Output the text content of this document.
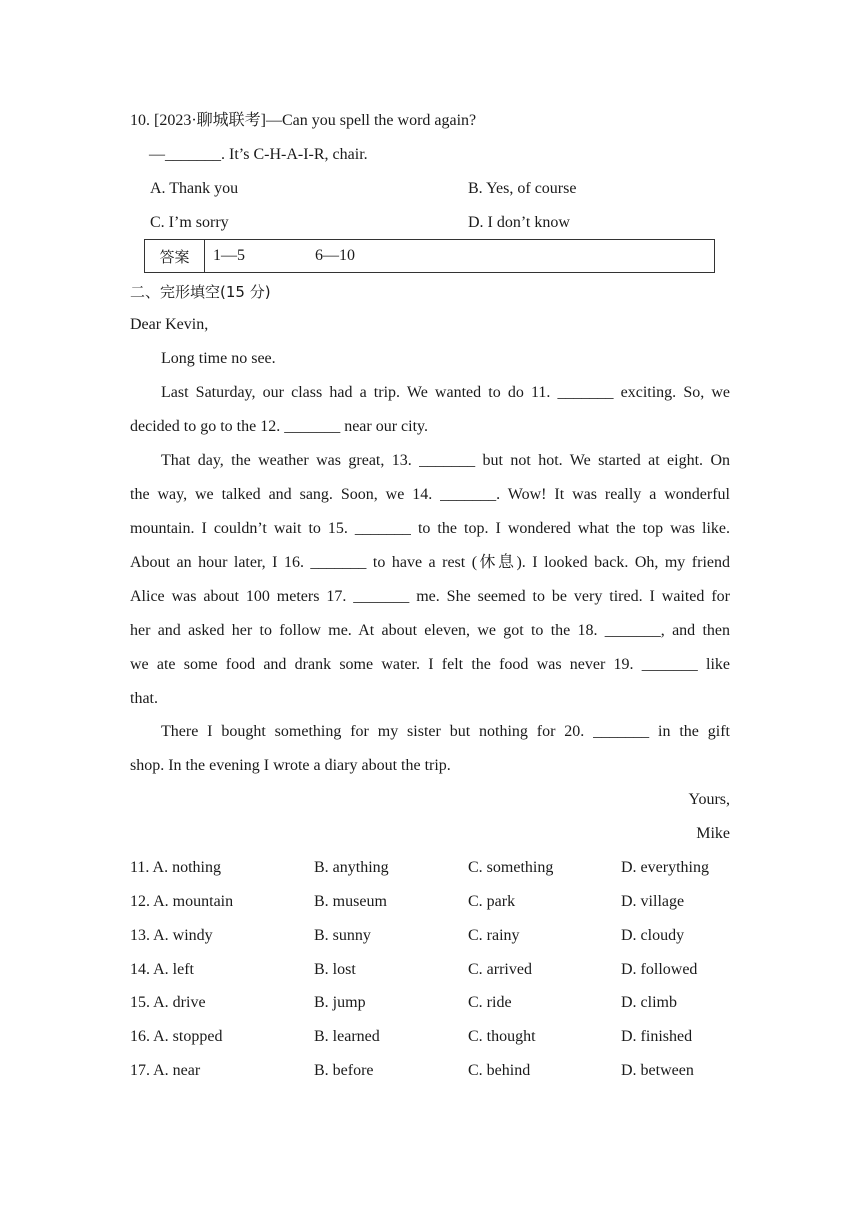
10. [2023·聊城联考]—Can you spell the word again?
—_______. It’s C-H-A-I-R, chair.
A. Thank you	B. Yes, of course
C. I’m sorry	D. I don’t know
答案	1—5	6—10
二、完形填空(15 分)
Dear Kevin,
Long time no see.
Last Saturday, our class had a trip. We wanted to do 11. _______ exciting. So, we
decided to go to the 12. _______ near our city.
That day, the weather was great, 13. _______ but not hot. We started at eight. On
the way, we talked and sang. Soon, we 14. _______. Wow! It was really a wonderful
mountain. I couldn’t wait to 15. _______ to the top. I wondered what the top was like.
About an hour later, I 16. _______ to have a rest (休息). I looked back. Oh, my friend
Alice was about 100 meters 17. _______ me. She seemed to be very tired. I waited for
her and asked her to follow me. At about eleven, we got to the 18. _______, and then
we ate some food and drank some water. I felt the food was never 19. _______ like
that.
There I bought something for my sister but nothing for 20. _______ in the gift
shop. In the evening I wrote a diary about the trip.
Yours,
Mike
11. A. nothing	B. anything	C. something	D. everything
12. A. mountain	B. museum	C. park	D. village
13. A. windy	B. sunny	C. rainy	D. cloudy
14. A. left	B. lost	C. arrived	D. followed
15. A. drive	B. jump	C. ride	D. climb
16. A. stopped	B. learned	C. thought	D. finished
17. A. near	B. before	C. behind	D. between
